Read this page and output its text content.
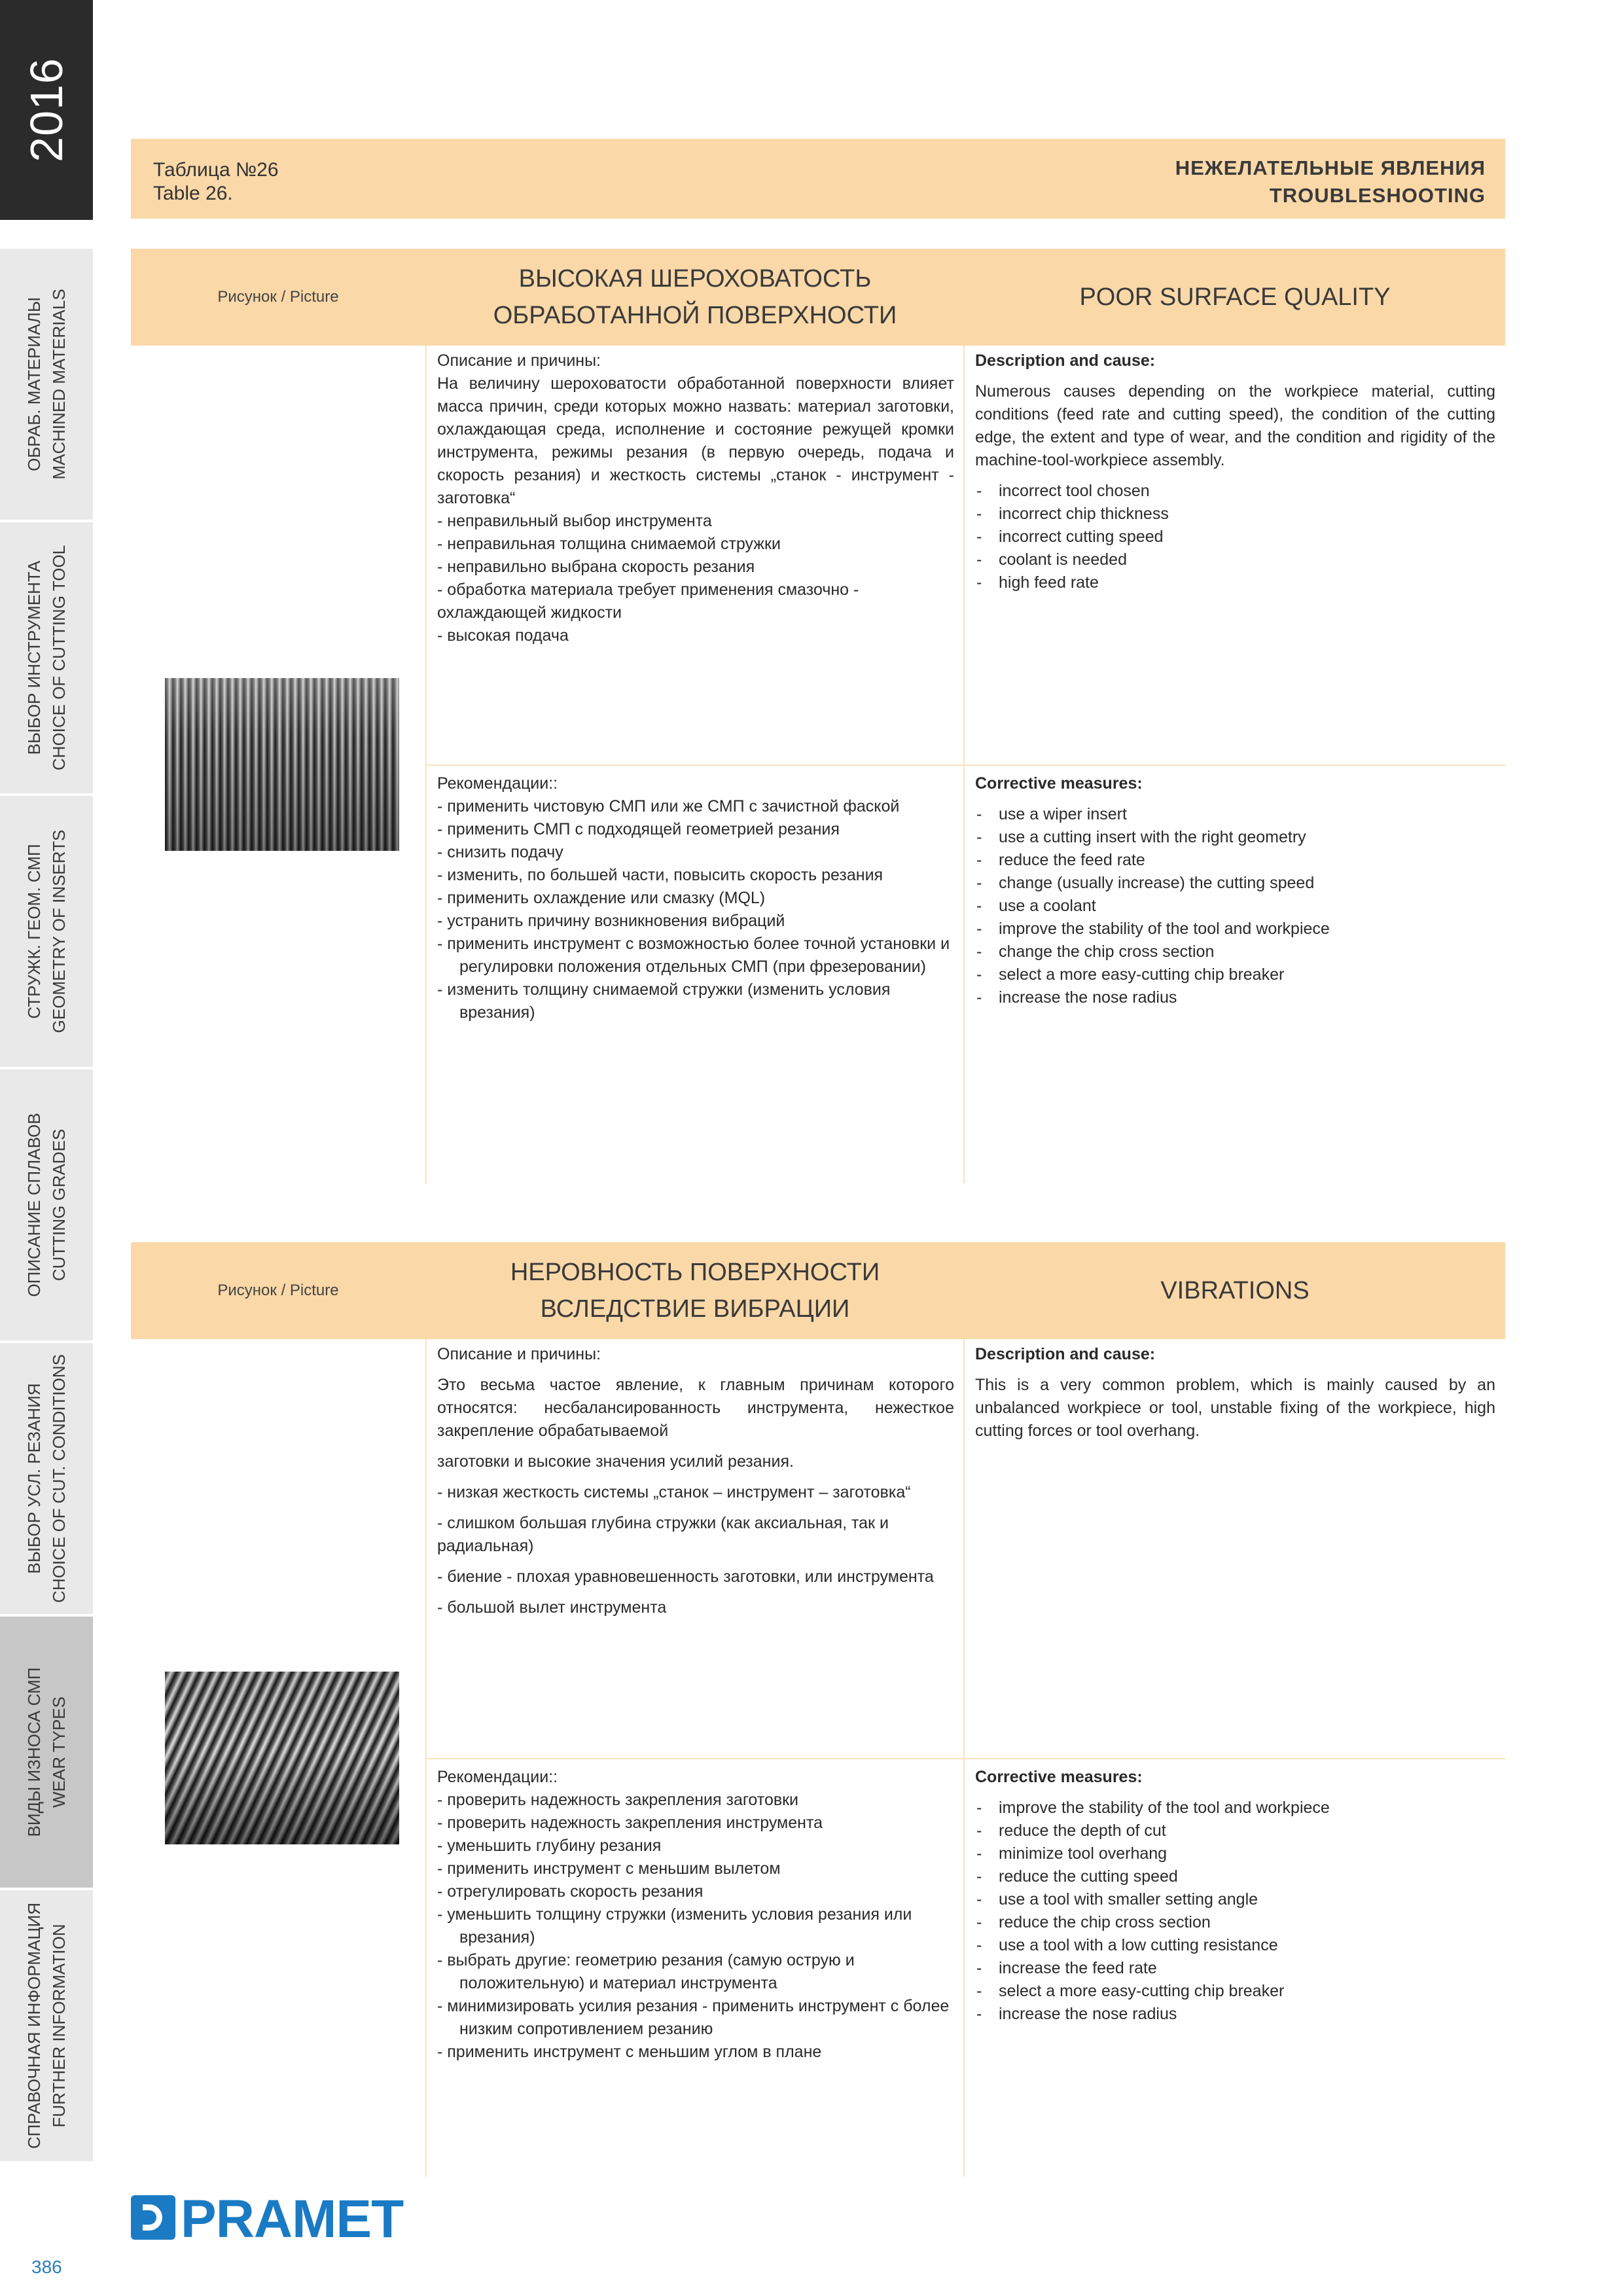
2016
ОБРАБ. МАТЕРИАЛЫ MACHINED MATERIALS
ВЫБОР ИНСТРУМЕНТА CHOICE OF CUTTING TOOL
СТРУЖК. ГЕОМ. СМП GEOMETRY OF INSERTS
ОПИСАНИЕ СПЛАВОВ CUTTING GRADES
ВЫБОР УСЛ. РЕЗАНИЯ CHOICE OF CUT. CONDITIONS
ВИДЫ ИЗНОСА СМП WEAR TYPES
СПРАВОЧНАЯ ИНФОРМАЦИЯ FURTHER INFORMATION
386
Таблица №26
Table 26.
НЕЖЕЛАТЕЛЬНЫЕ ЯВЛЕНИЯ
TROUBLESHOOTING
Рисунок / Picture
ВЫСОКАЯ ШЕРОХОВАТОСТЬ ОБРАБОТАННОЙ ПОВЕРХНОСТИ
POOR SURFACE QUALITY
Описание и причины:
На величину шероховатости обработанной поверхности влияет масса причин, среди которых можно назвать: материал заготовки, охлаждающая среда, исполнение и состояние режущей кромки инструмента, режимы резания (в первую очередь, подача и скорость резания) и жесткость системы „станок - инструмент - заготовка“
- неправильный выбор инструмента
- неправильная толщина снимаемой стружки
- неправильно выбрана скорость резания
- обработка материала требует применения смазочно - охлаждающей жидкости
- высокая подача
Description and cause:
Numerous causes depending on the workpiece material, cutting conditions (feed rate and cutting speed), the condition of the cutting edge, the extent and type of wear, and the condition and rigidity of the machine-tool-workpiece assembly.
- incorrect tool chosen
- incorrect chip thickness
- incorrect cutting speed
- coolant is needed
- high feed rate
Рекомендации::
- применить чистовую СМП или же СМП с зачистной фаской
- применить СМП с подходящей геометрией резания
- снизить подачу
- изменить, по большей части, повысить скорость резания
- применить охлаждение или смазку (MQL)
- устранить причину возникновения вибраций
- применить инструмент с возможностью более точной установки и регулировки положения отдельных СМП (при фрезеровании)
- изменить толщину снимаемой стружки (изменить условия врезания)
Corrective measures:
- use a wiper insert
- use a cutting insert with the right geometry
- reduce the feed rate
- change (usually increase) the cutting speed
- use a coolant
- improve the stability of the tool and workpiece
- change the chip cross section
- select a more easy-cutting chip breaker
- increase the nose radius
Рисунок / Picture
НЕРОВНОСТЬ ПОВЕРХНОСТИ ВСЛЕДСТВИЕ ВИБРАЦИИ
VIBRATIONS
Описание и причины:
Это весьма частое явление, к главным причинам которого относятся: несбалансированность инструмента, нежесткое закрепление обрабатываемой
заготовки и высокие значения усилий резания.
- низкая жесткость системы „станок – инструмент – заготовка“
- слишком большая глубина стружки (как аксиальная, так и радиальная)
- биение - плохая уравновешенность заготовки, или инструмента
- большой вылет инструмента
Description and cause:
This is a very common problem, which is mainly caused by an unbalanced workpiece or tool, unstable fixing of the workpiece, high cutting forces or tool overhang.
Рекомендации::
- проверить надежность закрепления заготовки
- проверить надежность закрепления инструмента
- уменьшить глубину резания
- применить инструмент с меньшим вылетом
- отрегулировать скорость резания
- уменьшить толщину стружки (изменить условия резания или врезания)
- выбрать другие: геометрию резания (самую острую и положительную) и материал инструмента
- минимизировать усилия резания - применить инструмент с более низким сопротивлением резанию
- применить инструмент с меньшим углом в плане
Corrective measures:
- improve the stability of the tool and workpiece
- reduce the depth of cut
- minimize tool overhang
- reduce the cutting speed
- use a tool with smaller setting angle
- reduce the chip cross section
- use a tool with a low cutting resistance
- increase the feed rate
- select a more easy-cutting chip breaker
- increase the nose radius
PRAMET
